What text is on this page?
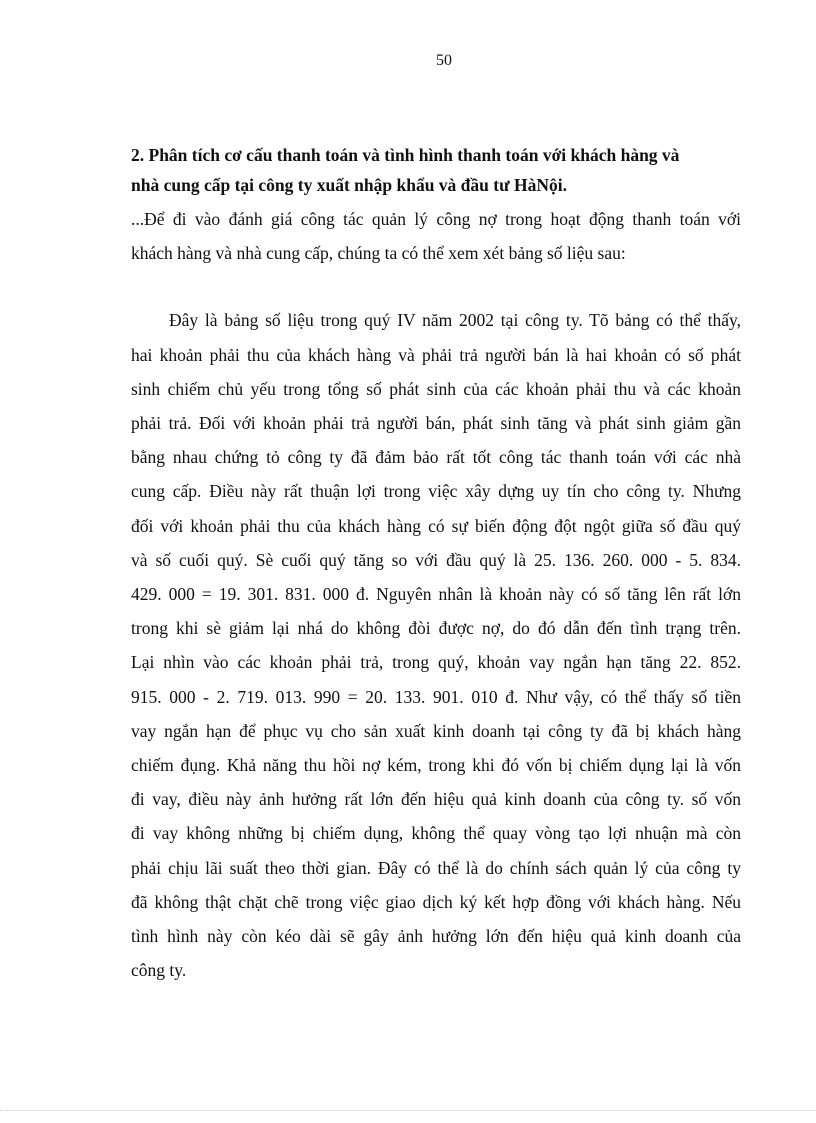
50
2. Phân tích cơ cấu thanh toán và tình hình thanh toán với khách hàng và
nhà cung cấp tại công ty xuất nhập khẩu và đầu tư HàNội.

...Để đi vào đánh giá công tác quản lý công nợ trong hoạt động thanh toán với
khách hàng và nhà cung cấp, chúng ta có thể xem xét bảng số liệu sau:

Đây là bảng số liệu trong quý IV năm 2002 tại công ty. Tõ bảng có thể thấy,
hai khoản phải thu của khách hàng và phải trả người bán là hai khoản có số phát
sinh chiếm chủ yếu trong tổng số phát sinh của các khoản phải thu và các khoản
phải trả. Đối với khoản phải trả người bán, phát sinh tăng và phát sinh giảm gần
bằng nhau chứng tỏ công ty đã đảm bảo rất tốt công tác thanh toán với các nhà
cung cấp. Điều này rất thuận lợi trong việc xây dựng uy tín cho công ty. Nhưng
đối với khoản phải thu của khách hàng có sự biến động đột ngột giữa số đầu quý
và số cuối quý. Sè cuối quý tăng so với đầu quý là 25. 136. 260. 000 - 5. 834.
429. 000 = 19. 301. 831. 000 đ. Nguyên nhân là khoản này có số tăng lên rất lớn
trong khi sè giảm lại nhá do không đòi được nợ, do đó dẫn đến tình trạng trên.
Lại nhìn vào các khoản phải trả, trong quý, khoản vay ngắn hạn tăng 22. 852.
915. 000 - 2. 719. 013. 990 = 20. 133. 901. 010 đ. Như vậy, có thể thấy số tiền
vay ngắn hạn để phục vụ cho sản xuất kinh doanh tại công ty đã bị khách hàng
chiếm đụng. Khả năng thu hồi nợ kém, trong khi đó vốn bị chiếm dụng lại là vốn
đi vay, điều này ảnh hưởng rất lớn đến hiệu quả kinh doanh của công ty. số vốn
đi vay không những bị chiếm dụng, không thể quay vòng tạo lợi nhuận mà còn
phải chịu lãi suất theo thời gian. Đây có thể là do chính sách quản lý của công ty
đã không thật chặt chẽ trong việc giao dịch ký kết hợp đồng với khách hàng. Nếu
tình hình này còn kéo dài sẽ gây ảnh hưởng lớn đến hiệu quả kinh doanh của
công ty.
